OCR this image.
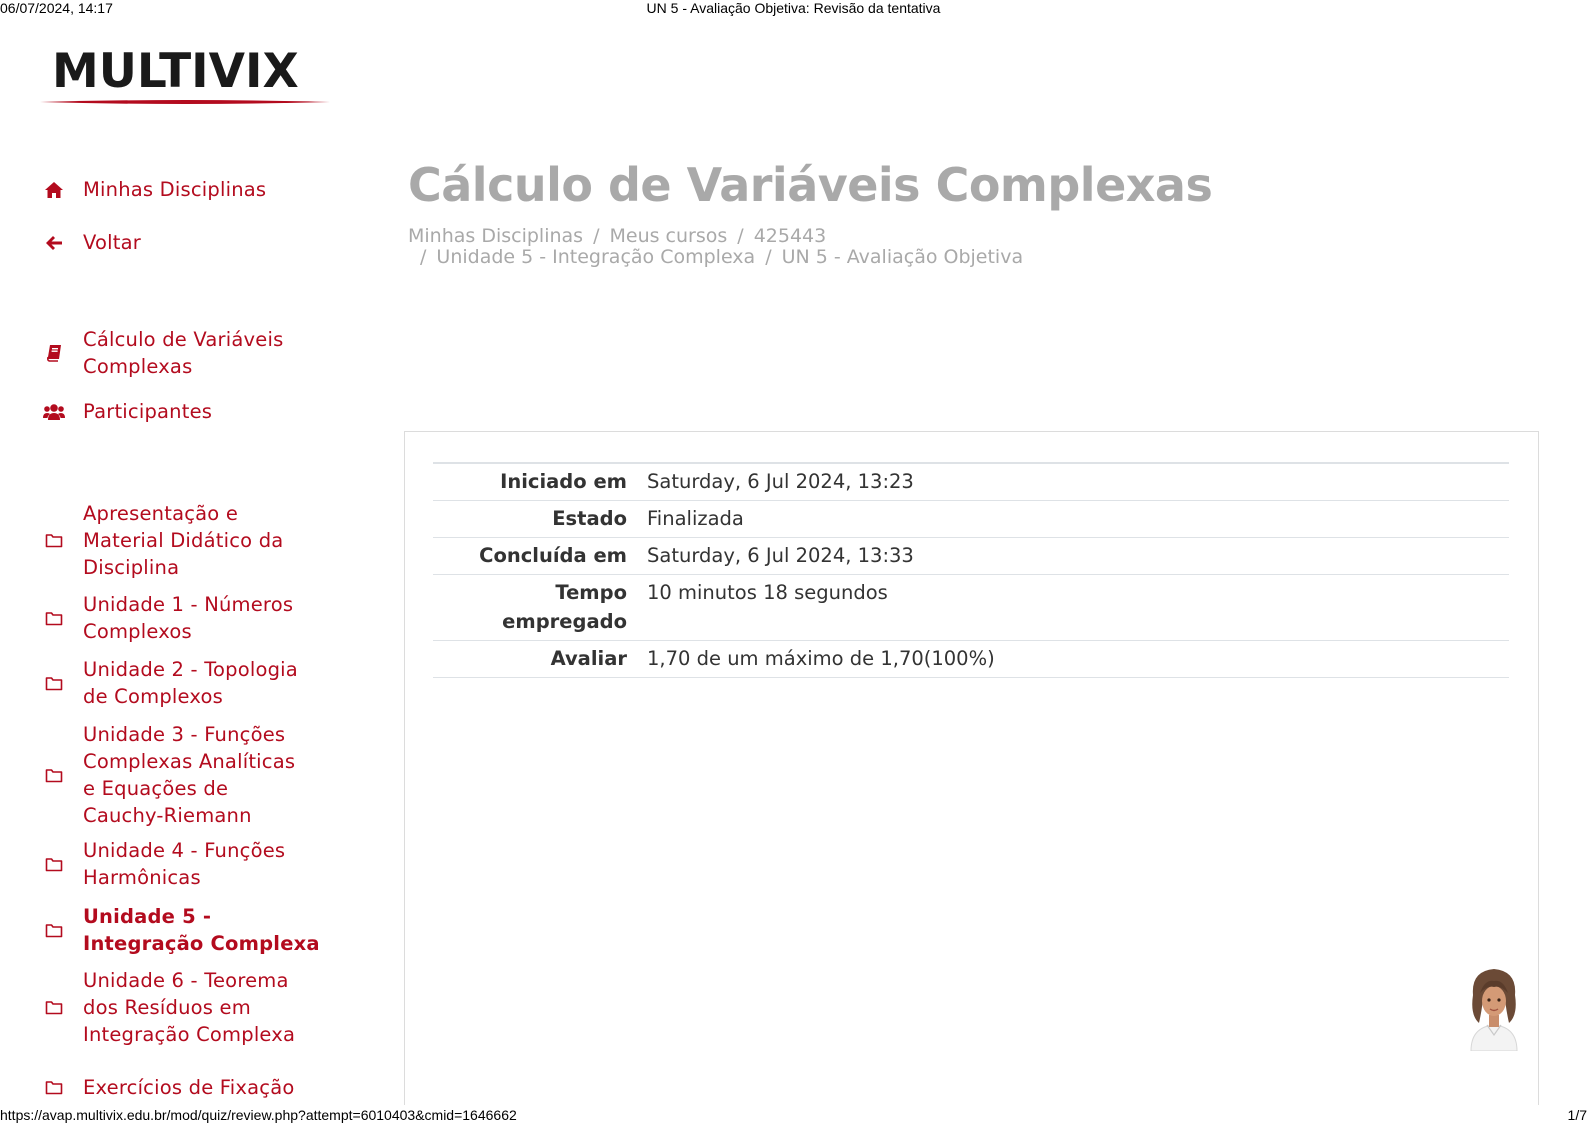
06/07/2024, 14:17	UN 5 - Avaliação Objetiva: Revisão da tentativa
MULTIVIX
Minhas Disciplinas
Voltar
Cálculo de Variáveis Complexas
Participantes
Apresentação e Material Didático da Disciplina
Unidade 1 - Números Complexos
Unidade 2 - Topologia de Complexos
Unidade 3 - Funções Complexas Analíticas e Equações de Cauchy-Riemann
Unidade 4 - Funções Harmônicas
Unidade 5 - Integração Complexa
Unidade 6 - Teorema dos Resíduos em Integração Complexa
Exercícios de Fixação
Cálculo de Variáveis Complexas
Minhas Disciplinas / Meus cursos / 425443
/ Unidade 5 - Integração Complexa / UN 5 - Avaliação Objetiva
Iniciado em	Saturday, 6 Jul 2024, 13:23
Estado	Finalizada
Concluída em	Saturday, 6 Jul 2024, 13:33
Tempo empregado	10 minutos 18 segundos
Avaliar	1,70 de um máximo de 1,70(100%)
https://avap.multivix.edu.br/mod/quiz/review.php?attempt=6010403&cmid=1646662	1/7
